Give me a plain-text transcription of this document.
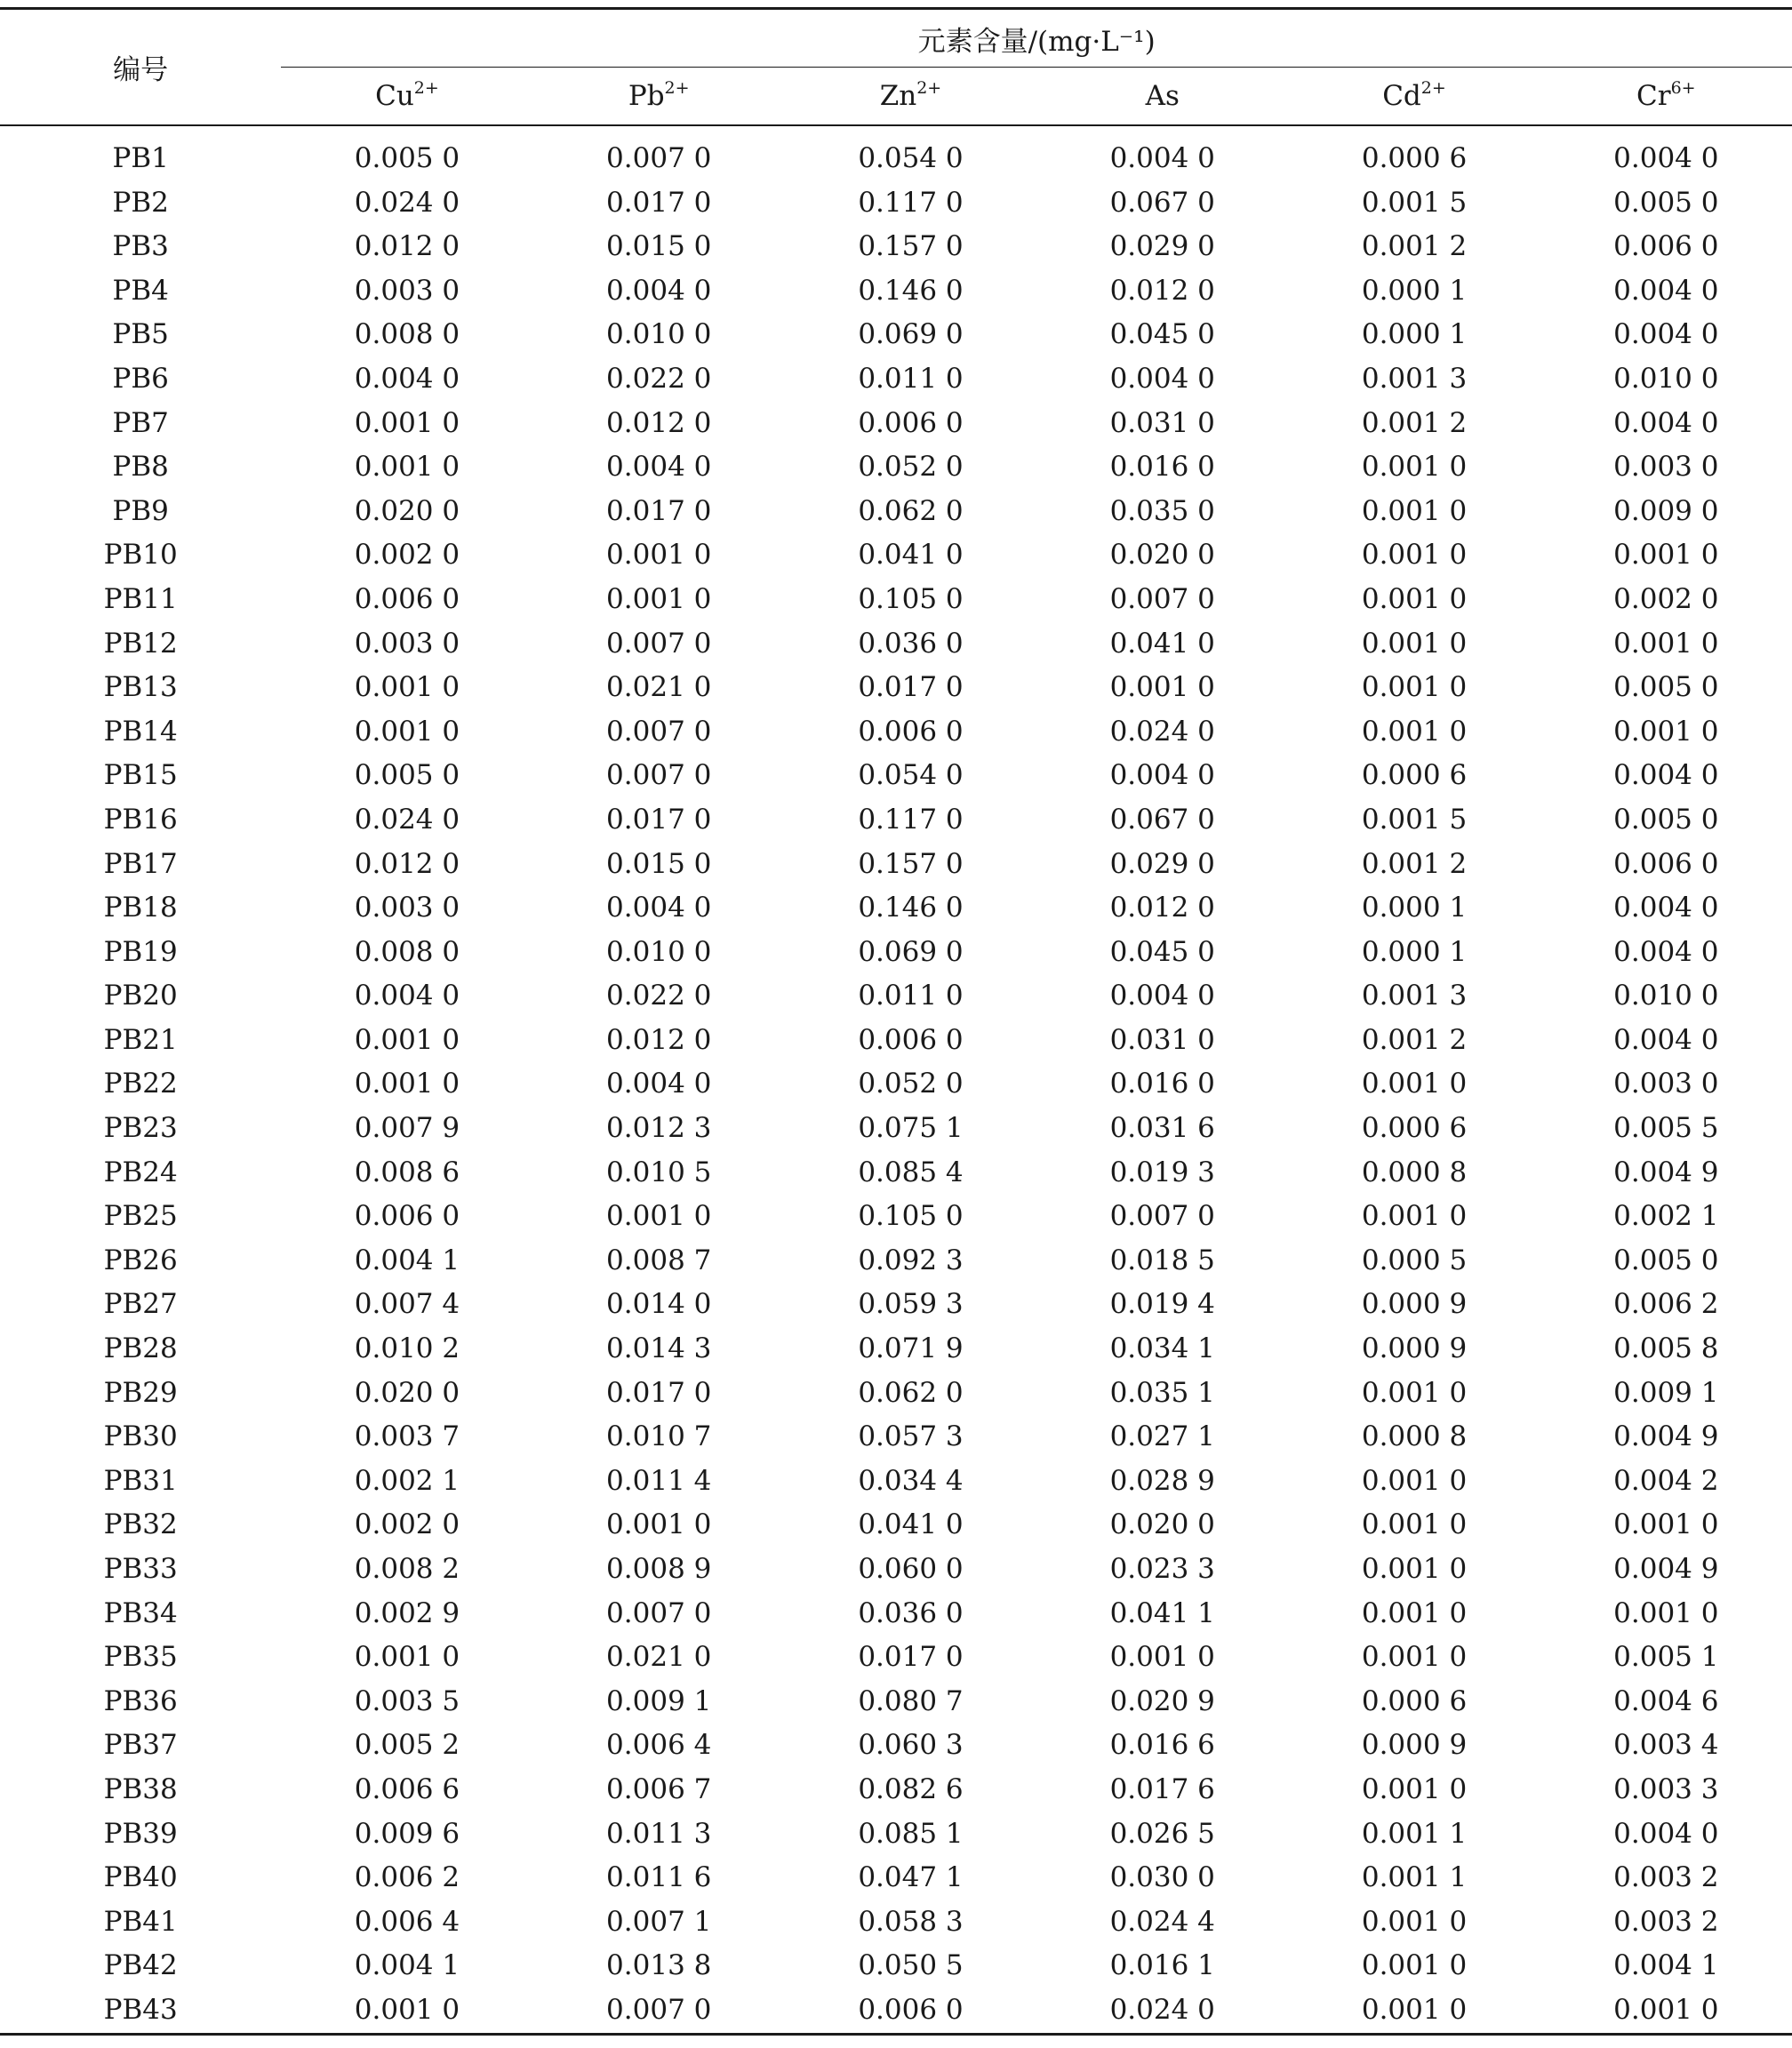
编号	元素含量/(mg·L⁻¹)					
	$Cu^{2+}$	$Pb^{2+}$	$Zn^{2+}$	As	$Cd^{2+}$	$Cr^{6+}$
PB1	0.005 0	0.007 0	0.054 0	0.004 0	0.000 6	0.004 0
PB2	0.024 0	0.017 0	0.117 0	0.067 0	0.001 5	0.005 0
PB3	0.012 0	0.015 0	0.157 0	0.029 0	0.001 2	0.006 0
PB4	0.003 0	0.004 0	0.146 0	0.012 0	0.000 1	0.004 0
PB5	0.008 0	0.010 0	0.069 0	0.045 0	0.000 1	0.004 0
PB6	0.004 0	0.022 0	0.011 0	0.004 0	0.001 3	0.010 0
PB7	0.001 0	0.012 0	0.006 0	0.031 0	0.001 2	0.004 0
PB8	0.001 0	0.004 0	0.052 0	0.016 0	0.001 0	0.003 0
PB9	0.020 0	0.017 0	0.062 0	0.035 0	0.001 0	0.009 0
PB10	0.002 0	0.001 0	0.041 0	0.020 0	0.001 0	0.001 0
PB11	0.006 0	0.001 0	0.105 0	0.007 0	0.001 0	0.002 0
PB12	0.003 0	0.007 0	0.036 0	0.041 0	0.001 0	0.001 0
PB13	0.001 0	0.021 0	0.017 0	0.001 0	0.001 0	0.005 0
PB14	0.001 0	0.007 0	0.006 0	0.024 0	0.001 0	0.001 0
PB15	0.005 0	0.007 0	0.054 0	0.004 0	0.000 6	0.004 0
PB16	0.024 0	0.017 0	0.117 0	0.067 0	0.001 5	0.005 0
PB17	0.012 0	0.015 0	0.157 0	0.029 0	0.001 2	0.006 0
PB18	0.003 0	0.004 0	0.146 0	0.012 0	0.000 1	0.004 0
PB19	0.008 0	0.010 0	0.069 0	0.045 0	0.000 1	0.004 0
PB20	0.004 0	0.022 0	0.011 0	0.004 0	0.001 3	0.010 0
PB21	0.001 0	0.012 0	0.006 0	0.031 0	0.001 2	0.004 0
PB22	0.001 0	0.004 0	0.052 0	0.016 0	0.001 0	0.003 0
PB23	0.007 9	0.012 3	0.075 1	0.031 6	0.000 6	0.005 5
PB24	0.008 6	0.010 5	0.085 4	0.019 3	0.000 8	0.004 9
PB25	0.006 0	0.001 0	0.105 0	0.007 0	0.001 0	0.002 1
PB26	0.004 1	0.008 7	0.092 3	0.018 5	0.000 5	0.005 0
PB27	0.007 4	0.014 0	0.059 3	0.019 4	0.000 9	0.006 2
PB28	0.010 2	0.014 3	0.071 9	0.034 1	0.000 9	0.005 8
PB29	0.020 0	0.017 0	0.062 0	0.035 1	0.001 0	0.009 1
PB30	0.003 7	0.010 7	0.057 3	0.027 1	0.000 8	0.004 9
PB31	0.002 1	0.011 4	0.034 4	0.028 9	0.001 0	0.004 2
PB32	0.002 0	0.001 0	0.041 0	0.020 0	0.001 0	0.001 0
PB33	0.008 2	0.008 9	0.060 0	0.023 3	0.001 0	0.004 9
PB34	0.002 9	0.007 0	0.036 0	0.041 1	0.001 0	0.001 0
PB35	0.001 0	0.021 0	0.017 0	0.001 0	0.001 0	0.005 1
PB36	0.003 5	0.009 1	0.080 7	0.020 9	0.000 6	0.004 6
PB37	0.005 2	0.006 4	0.060 3	0.016 6	0.000 9	0.003 4
PB38	0.006 6	0.006 7	0.082 6	0.017 6	0.001 0	0.003 3
PB39	0.009 6	0.011 3	0.085 1	0.026 5	0.001 1	0.004 0
PB40	0.006 2	0.011 6	0.047 1	0.030 0	0.001 1	0.003 2
PB41	0.006 4	0.007 1	0.058 3	0.024 4	0.001 0	0.003 2
PB42	0.004 1	0.013 8	0.050 5	0.016 1	0.001 0	0.004 1
PB43	0.001 0	0.007 0	0.006 0	0.024 0	0.001 0	0.001 0
